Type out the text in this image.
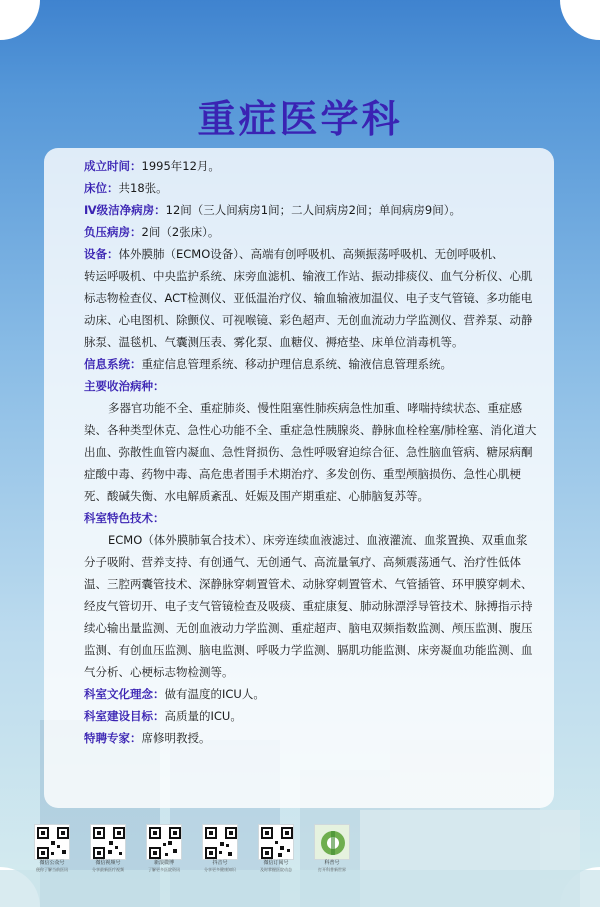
重症医学科
成立时间：1995年12月。
床位：共18张。
Ⅳ级洁净病房：12间（三人间病房1间；二人间病房2间；单间病房9间）。
负压病房：2间（2张床）。
设备：体外膜肺（ECMO设备）、高端有创呼吸机、高频振荡呼吸机、无创呼吸机、
转运呼吸机、中央监护系统、床旁血滤机、输液工作站、振动排痰仪、血气分析仪、心肌
标志物检查仪、ACT检测仪、亚低温治疗仪、输血输液加温仪、电子支气管镜、多功能电
动床、心电图机、除颤仪、可视喉镜、彩色超声、无创血流动力学监测仪、营养泵、动静
脉泵、温毯机、气囊测压表、雾化泵、血糖仪、褥疮垫、床单位消毒机等。
信息系统：重症信息管理系统、移动护理信息系统、输液信息管理系统。
主要收治病种：
多器官功能不全、重症肺炎、慢性阻塞性肺疾病急性加重、哮喘持续状态、重症感
染、各种类型休克、急性心功能不全、重症急性胰腺炎、静脉血栓栓塞/肺栓塞、消化道大
出血、弥散性血管内凝血、急性肾损伤、急性呼吸窘迫综合征、急性脑血管病、糖尿病酮
症酸中毒、药物中毒、高危患者围手术期治疗、多发创伤、重型颅脑损伤、急性心肌梗
死、酸碱失衡、水电解质紊乱、妊娠及围产期重症、心肺脑复苏等。
科室特色技术：
ECMO（体外膜肺氧合技术）、床旁连续血液滤过、血液灌流、血浆置换、双重血浆
分子吸附、营养支持、有创通气、无创通气、高流量氧疗、高频震荡通气、治疗性低体
温、三腔两囊管技术、深静脉穿刺置管术、动脉穿刺置管术、气管插管、环甲膜穿刺术、
经皮气管切开、电子支气管镜检查及吸痰、重症康复、肺动脉漂浮导管技术、脉搏指示持
续心输出量监测、无创血液动力学监测、重症超声、脑电双频指数监测、颅压监测、腹压
监测、有创血压监测、脑电监测、呼吸力学监测、膈肌功能监测、床旁凝血功能监测、血
气分析、心梗标志物检测等。
科室文化理念：做有温度的ICU人。
科室建设目标：高质量的ICU。
特聘专家：席修明教授。
微信公众号
便你了解当前医讯
微信视频号
分享最新医疗视频
新浪微博
了解更多医院资讯
抖音号
分享更多健康知识
微信订阅号
及时掌握医院动态
科普号
打开科普新世界
